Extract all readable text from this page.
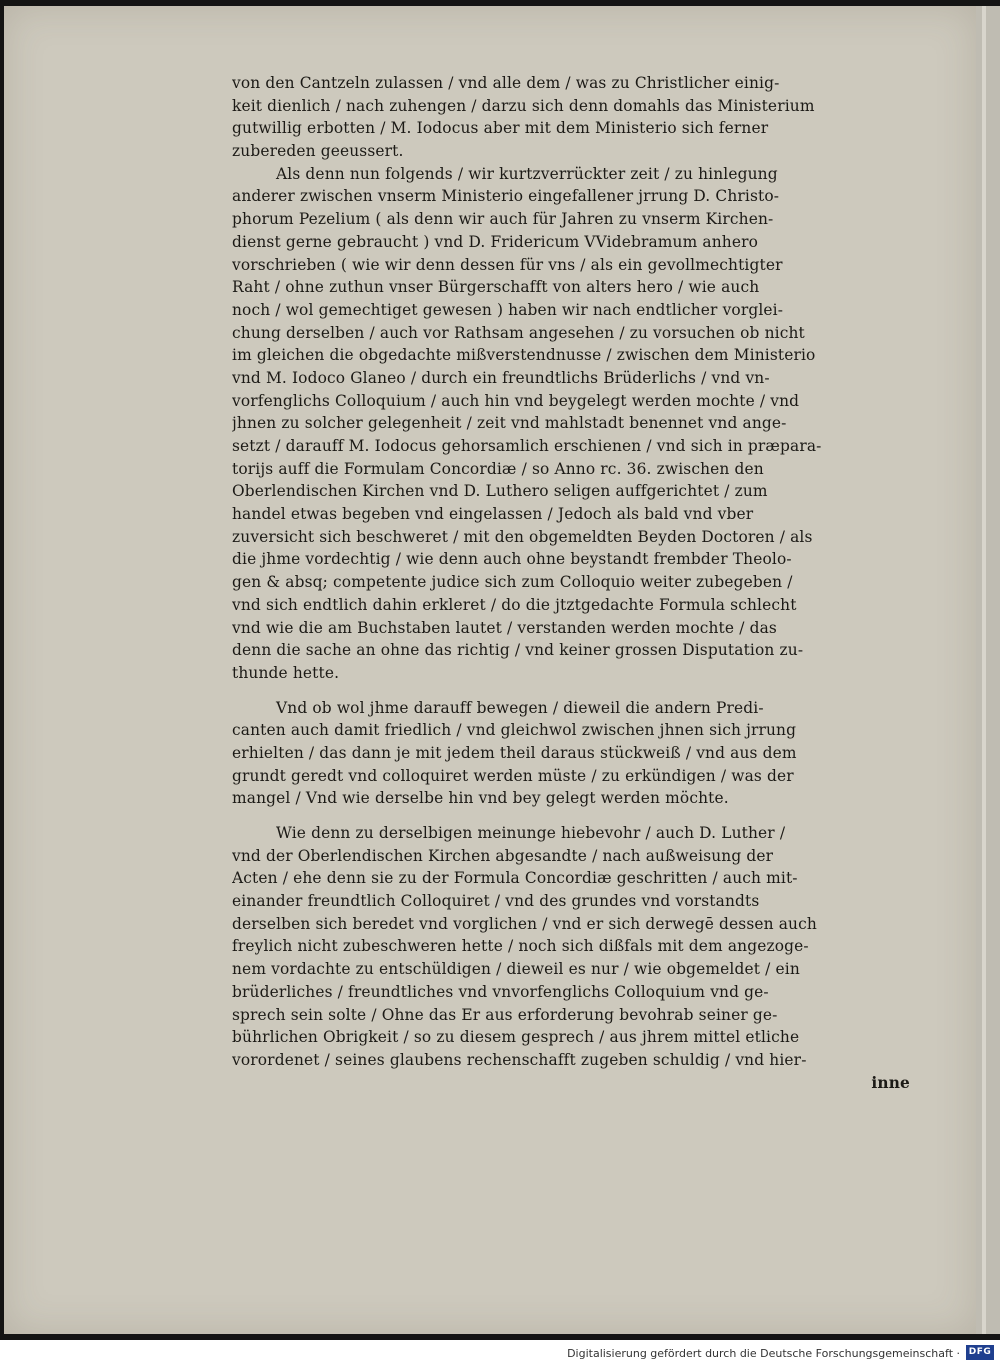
von den Cantzeln zulassen / vnd alle dem / was zu Christlicher einig-
keit dienlich / nach zuhengen / darzu sich denn domahls das Ministerium
gutwillig erbotten / M. Iodocus aber mit dem Ministerio sich ferner
zubereden geeussert.
Als denn nun folgends / wir kurtzverrückter zeit / zu hinlegung
anderer zwischen vnserm Ministerio eingefallener jrrung D. Christo-
phorum Pezelium ( als denn wir auch für Jahren zu vnserm Kirchen-
dienst gerne gebraucht ) vnd D. Fridericum VVidebramum anhero
vorschrieben ( wie wir denn dessen für vns / als ein gevollmechtigter
Raht / ohne zuthun vnser Bürgerschafft von alters hero / wie auch
noch / wol gemechtiget gewesen ) haben wir nach endtlicher vorglei-
chung derselben / auch vor Rathsam angesehen / zu vorsuchen ob nicht
im gleichen die obgedachte mißverstendnusse / zwischen dem Ministerio
vnd M. Iodoco Glaneo / durch ein freundtlichs Brüderlichs / vnd vn-
vorfenglichs Colloquium / auch hin vnd beygelegt werden mochte / vnd
jhnen zu solcher gelegenheit / zeit vnd mahlstadt benennet vnd ange-
setzt / darauff M. Iodocus gehorsamlich erschienen / vnd sich in præpara-
torijs auff die Formulam Concordiæ / so Anno rc. 36. zwischen den
Oberlendischen Kirchen vnd D. Luthero seligen auffgerichtet / zum
handel etwas begeben vnd eingelassen / Jedoch als bald vnd vber
zuversicht sich beschweret / mit den obgemeldten Beyden Doctoren / als
die jhme vordechtig / wie denn auch ohne beystandt frembder Theolo-
gen & absq; competente judice sich zum Colloquio weiter zubegeben /
vnd sich endtlich dahin erkleret / do die jtztgedachte Formula schlecht
vnd wie die am Buchstaben lautet / verstanden werden mochte / das
denn die sache an ohne das richtig / vnd keiner grossen Disputation zu-
thunde hette.
Vnd ob wol jhme darauff bewegen / dieweil die andern Predi-
canten auch damit friedlich / vnd gleichwol zwischen jhnen sich jrrung
erhielten / das dann je mit jedem theil daraus stückweiß / vnd aus dem
grundt geredt vnd colloquiret werden müste / zu erkündigen / was der
mangel / Vnd wie derselbe hin vnd bey gelegt werden möchte.
Wie denn zu derselbigen meinunge hiebevohr / auch D. Luther /
vnd der Oberlendischen Kirchen abgesandte / nach außweisung der
Acten / ehe denn sie zu der Formula Concordiæ geschritten / auch mit-
einander freundtlich Colloquiret / vnd des grundes vnd vorstandts
derselben sich beredet vnd vorglichen / vnd er sich derwegē dessen auch
freylich nicht zubeschweren hette / noch sich dißfals mit dem angezoge-
nem vordachte zu entschüldigen / dieweil es nur / wie obgemeldet / ein
brüderliches / freundtliches vnd vnvorfenglichs Colloquium vnd ge-
sprech sein solte / Ohne das Er aus erforderung bevohrab seiner ge-
bührlichen Obrigkeit / so zu diesem gesprech / aus jhrem mittel etliche
vorordenet / seines glaubens rechenschafft zugeben schuldig / vnd hier-
inne
Digitalisierung gefördert durch die Deutsche Forschungsgemeinschaft · DFG
